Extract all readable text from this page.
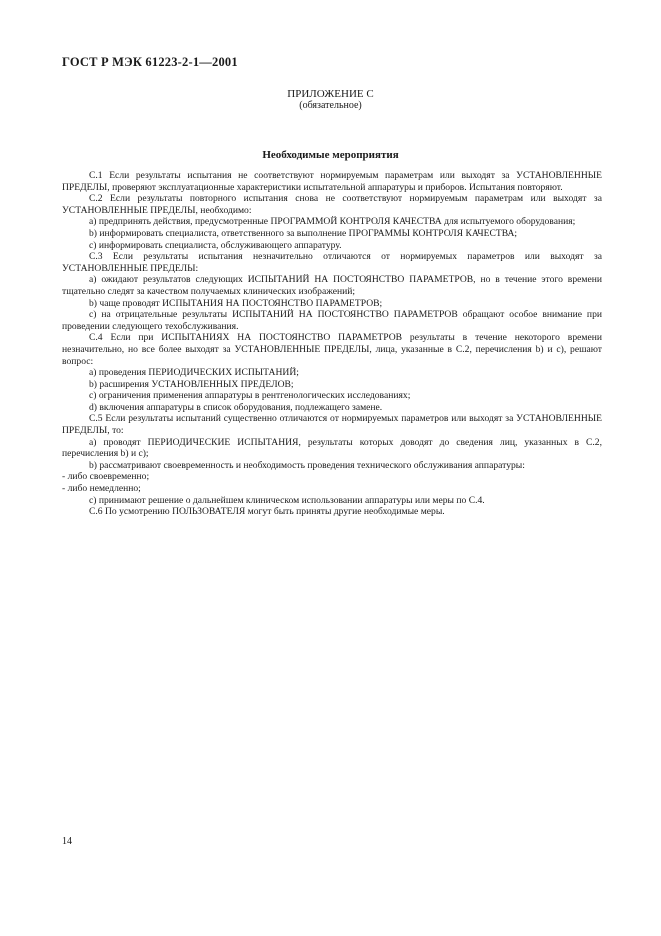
ГОСТ Р МЭК 61223-2-1—2001
ПРИЛОЖЕНИЕ С
(обязательное)
Необходимые мероприятия

С.1 Если результаты испытания не соответствуют нормируемым параметрам или выходят за УСТАНОВЛЕННЫЕ ПРЕДЕЛЫ, проверяют эксплуатационные характеристики испытательной аппаратуры и приборов. Испытания повторяют.

С.2 Если результаты повторного испытания снова не соответствуют нормируемым параметрам или выходят за УСТАНОВЛЕННЫЕ ПРЕДЕЛЫ, необходимо:

а) предпринять действия, предусмотренные ПРОГРАММОЙ КОНТРОЛЯ КАЧЕСТВА для испытуемого оборудования;

b) информировать специалиста, ответственного за выполнение ПРОГРАММЫ КОНТРОЛЯ КАЧЕСТВА;

с) информировать специалиста, обслуживающего аппаратуру.

С.3 Если результаты испытания незначительно отличаются от нормируемых параметров или выходят за УСТАНОВЛЕННЫЕ ПРЕДЕЛЫ:

а) ожидают результатов следующих ИСПЫТАНИЙ НА ПОСТОЯНСТВО ПАРАМЕТРОВ, но в течение этого времени тщательно следят за качеством получаемых клинических изображений;

b) чаще проводят ИСПЫТАНИЯ НА ПОСТОЯНСТВО ПАРАМЕТРОВ;

с) на отрицательные результаты ИСПЫТАНИЙ НА ПОСТОЯНСТВО ПАРАМЕТРОВ обращают особое внимание при проведении следующего техобслуживания.

С.4 Если при ИСПЫТАНИЯХ НА ПОСТОЯНСТВО ПАРАМЕТРОВ результаты в течение некоторого времени незначительно, но все более выходят за УСТАНОВЛЕННЫЕ ПРЕДЕЛЫ, лица, указанные в С.2, перечисления b) и с), решают вопрос:

а) проведения ПЕРИОДИЧЕСКИХ ИСПЫТАНИЙ;

b) расширения УСТАНОВЛЕННЫХ ПРЕДЕЛОВ;

с) ограничения применения аппаратуры в рентгенологических исследованиях;

d) включения аппаратуры в список оборудования, подлежащего замене.

С.5 Если результаты испытаний существенно отличаются от нормируемых параметров или выходят за УСТАНОВЛЕННЫЕ ПРЕДЕЛЫ, то:

а) проводят ПЕРИОДИЧЕСКИЕ ИСПЫТАНИЯ, результаты которых доводят до сведения лиц, указанных в С.2, перечисления b) и с);

b) рассматривают своевременность и необходимость проведения технического обслуживания аппаратуры:

- либо своевременно;

- либо немедленно;

с) принимают решение о дальнейшем клиническом использовании аппаратуры или меры по С.4.

С.6 По усмотрению ПОЛЬЗОВАТЕЛЯ могут быть приняты другие необходимые меры.

14
